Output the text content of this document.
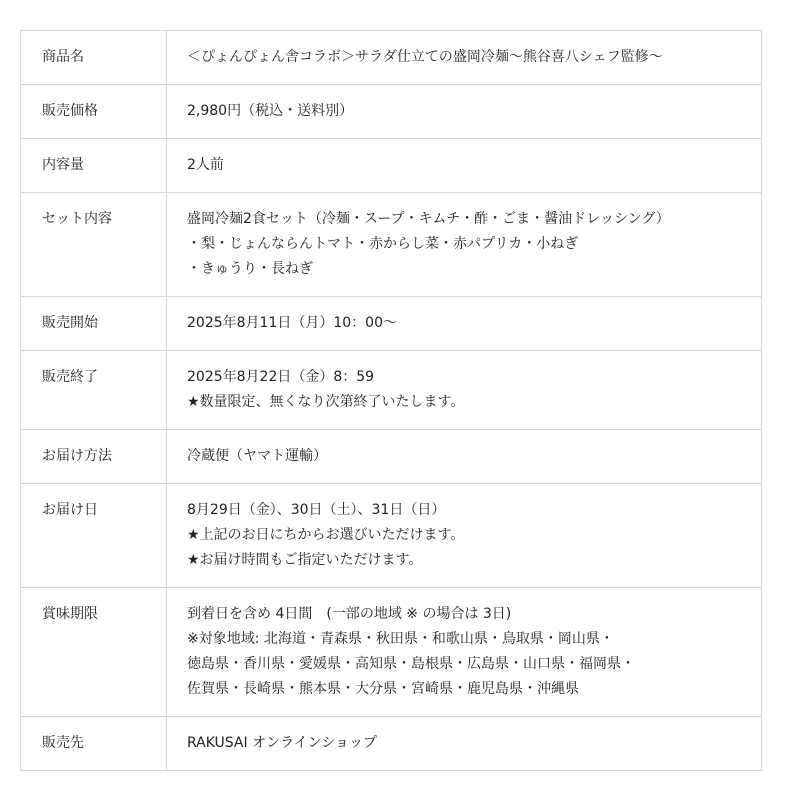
商品名	＜ぴょんぴょん舎コラボ＞サラダ仕立ての盛岡冷麺〜熊谷喜八シェフ監修〜

販売価格	2,980円（税込・送料別）

内容量	2人前

セット内容	盛岡冷麺2食セット（冷麺・スープ・キムチ・酢・ごま・醤油ドレッシング）
・梨・じょんならんトマト・赤からし菜・赤パプリカ・小ねぎ
・きゅうり・長ねぎ

販売開始	2025年8月11日（月）10：00〜

販売終了	2025年8月22日（金）8：59
★数量限定、無くなり次第終了いたします。

お届け方法	冷蔵便（ヤマト運輸）

お届け日	8月29日（金）、30日（土）、31日（日）
★上記のお日にちからお選びいただけます。
★お届け時間もご指定いただけます。

賞味期限	到着日を含め 4日間　(一部の地域 ※ の場合は 3日)
※対象地域: 北海道・青森県・秋田県・和歌山県・鳥取県・岡山県・
徳島県・香川県・愛媛県・高知県・島根県・広島県・山口県・福岡県・
佐賀県・長崎県・熊本県・大分県・宮崎県・鹿児島県・沖縄県

販売先	RAKUSAI オンラインショップ
